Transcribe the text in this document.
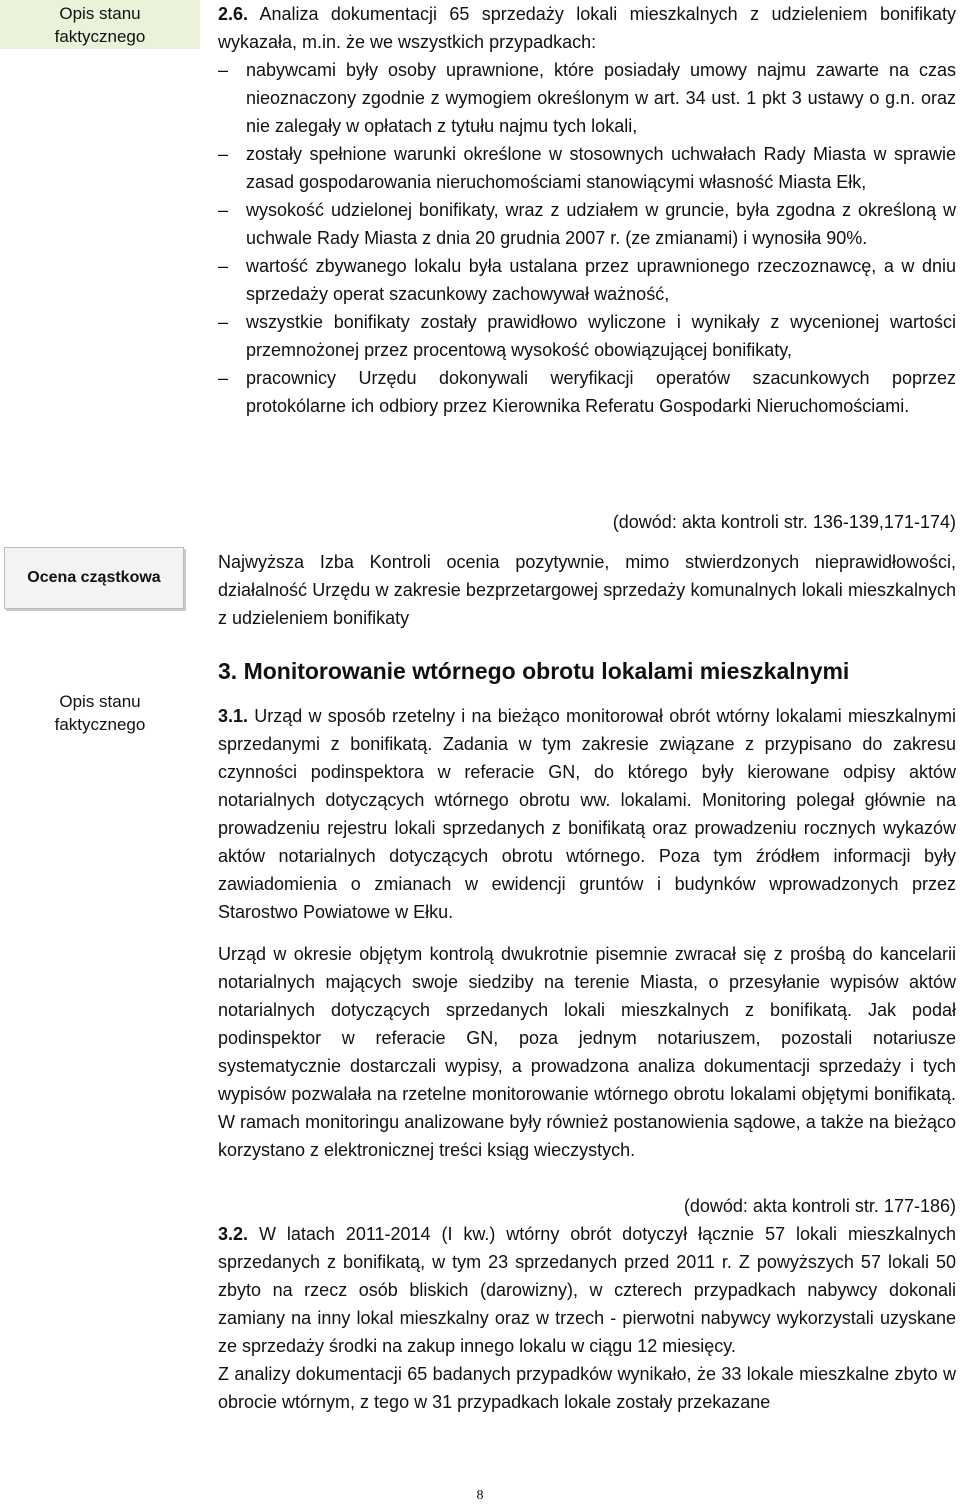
Opis stanu
faktycznego
Ocena cząstkowa
Opis stanu
faktycznego

2.6. Analiza dokumentacji 65 sprzedaży lokali mieszkalnych z udzieleniem bonifikaty wykazała, m.in. że we wszystkich przypadkach:

– nabywcami były osoby uprawnione, które posiadały umowy najmu zawarte na czas nieoznaczony zgodnie z wymogiem określonym w art. 34 ust. 1 pkt 3 ustawy o g.n. oraz nie zalegały w opłatach z tytułu najmu tych lokali,
– zostały spełnione warunki określone w stosownych uchwałach Rady Miasta w sprawie zasad gospodarowania nieruchomościami stanowiącymi własność Miasta Ełk,
– wysokość udzielonej bonifikaty, wraz z udziałem w gruncie, była zgodna z określoną w uchwale Rady Miasta z dnia 20 grudnia 2007 r. (ze zmianami) i wynosiła 90%.
– wartość zbywanego lokalu była ustalana przez uprawnionego rzeczoznawcę, a w dniu sprzedaży operat szacunkowy zachowywał ważność,
– wszystkie bonifikaty zostały prawidłowo wyliczone i wynikały z wycenionej wartości przemnożonej przez procentową wysokość obowiązującej bonifikaty,
– pracownicy Urzędu dokonywali weryfikacji operatów szacunkowych poprzez protokólarne ich odbiory przez Kierownika Referatu Gospodarki Nieruchomościami.
(dowód: akta kontroli str. 136-139,171-174)

Najwyższa Izba Kontroli ocenia pozytywnie, mimo stwierdzonych nieprawidłowości, działalność Urzędu w zakresie bezprzetargowej sprzedaży komunalnych lokali mieszkalnych z udzieleniem bonifikaty

3. Monitorowanie wtórnego obrotu lokalami mieszkalnymi

3.1. Urząd w sposób rzetelny i na bieżąco monitorował obrót wtórny lokalami mieszkalnymi sprzedanymi z bonifikatą. Zadania w tym zakresie związane z przypisano do zakresu czynności podinspektora w referacie GN, do którego były kierowane odpisy aktów notarialnych dotyczących wtórnego obrotu ww. lokalami. Monitoring polegał głównie na prowadzeniu rejestru lokali sprzedanych z bonifikatą oraz prowadzeniu rocznych wykazów aktów notarialnych dotyczących obrotu wtórnego. Poza tym źródłem informacji były zawiadomienia o zmianach w ewidencji gruntów i budynków wprowadzonych przez Starostwo Powiatowe w Ełku.

Urząd w okresie objętym kontrolą dwukrotnie pisemnie zwracał się z prośbą do kancelarii notarialnych mających swoje siedziby na terenie Miasta, o przesyłanie wypisów aktów notarialnych dotyczących sprzedanych lokali mieszkalnych z bonifikatą. Jak podał podinspektor w referacie GN, poza jednym notariuszem, pozostali notariusze systematycznie dostarczali wypisy, a prowadzona analiza dokumentacji sprzedaży i tych wypisów pozwalała na rzetelne monitorowanie wtórnego obrotu lokalami objętymi bonifikatą. W ramach monitoringu analizowane były również postanowienia sądowe, a także na bieżąco korzystano z elektronicznej treści ksiąg wieczystych.

(dowód: akta kontroli str. 177-186)

3.2. W latach 2011-2014 (I kw.) wtórny obrót dotyczył łącznie 57 lokali mieszkalnych sprzedanych z bonifikatą, w tym 23 sprzedanych przed 2011 r. Z powyższych 57 lokali 50 zbyto na rzecz osób bliskich (darowizny), w czterech przypadkach nabywcy dokonali zamiany na inny lokal mieszkalny oraz w trzech - pierwotni nabywcy wykorzystali uzyskane ze sprzedaży środki na zakup innego lokalu w ciągu 12 miesięcy.

Z analizy dokumentacji 65 badanych przypadków wynikało, że 33 lokale mieszkalne zbyto w obrocie wtórnym, z tego w 31 przypadkach lokale zostały przekazane

8
